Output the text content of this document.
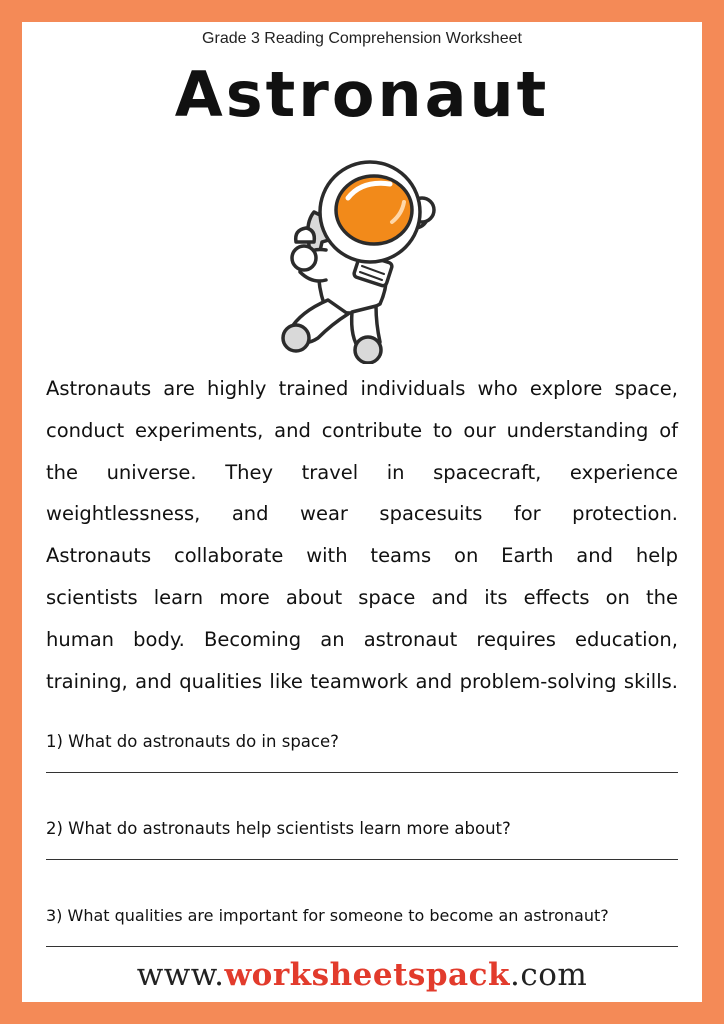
Grade 3 Reading Comprehension Worksheet
Astronaut

Astronauts are highly trained individuals who explore space,
conduct experiments, and contribute to our understanding of
the universe. They travel in spacecraft, experience
weightlessness, and wear spacesuits for protection.
Astronauts collaborate with teams on Earth and help
scientists learn more about space and its effects on the
human body. Becoming an astronaut requires education,
training, and qualities like teamwork and problem-solving skills.

1) What do astronauts do in space?
2) What do astronauts help scientists learn more about?
3) What qualities are important for someone to become an astronaut?
www.worksheetspack.com
